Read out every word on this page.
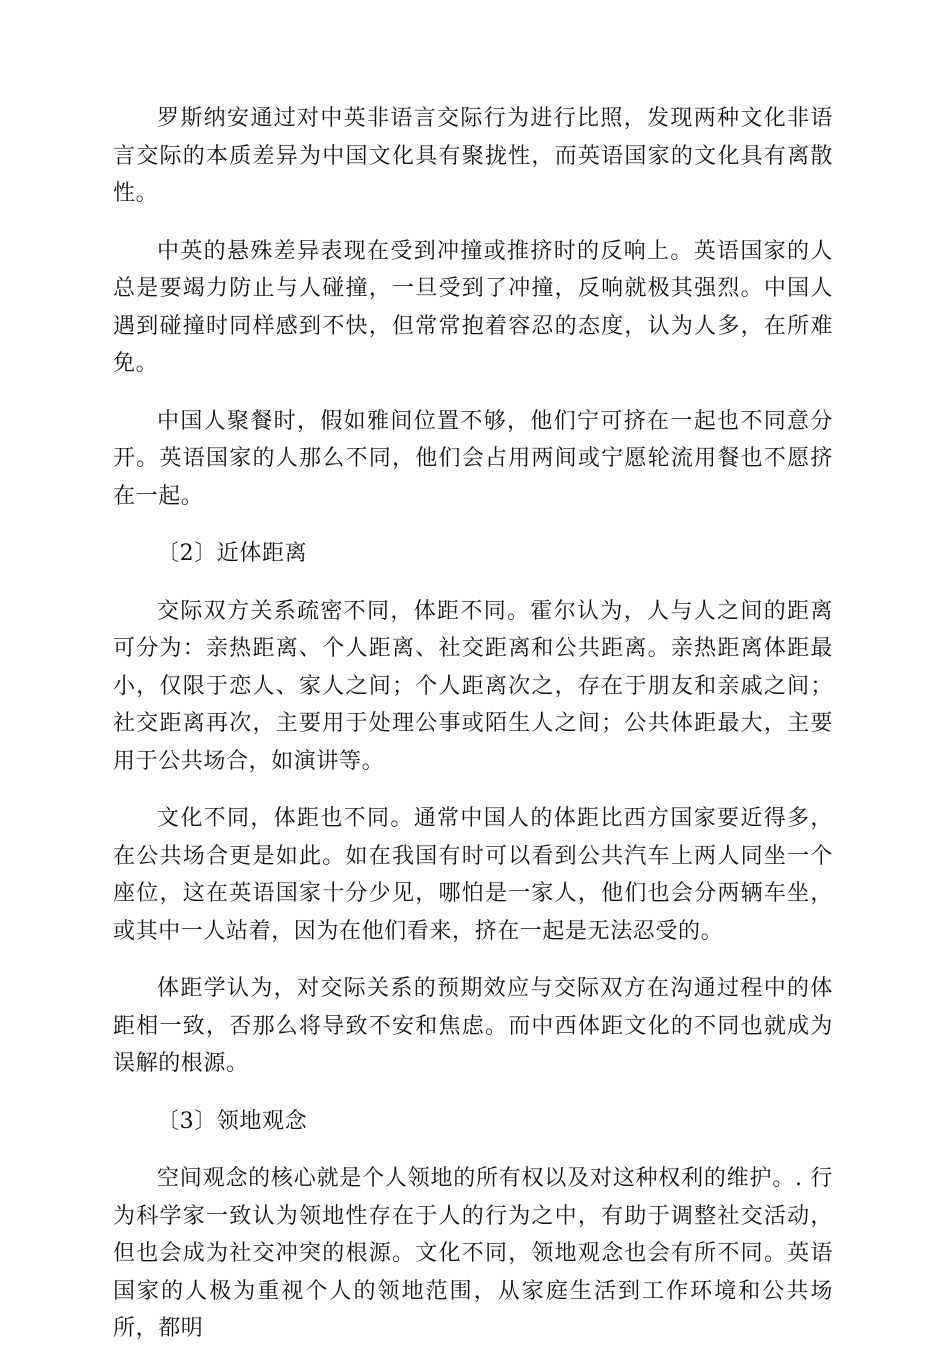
罗斯纳安通过对中英非语言交际行为进行比照，发现两种文化非语言交际的本质差异为中国文化具有聚拢性，而英语国家的文化具有离散性。

中英的悬殊差异表现在受到冲撞或推挤时的反响上。英语国家的人总是要竭力防止与人碰撞，一旦受到了冲撞，反响就极其强烈。中国人遇到碰撞时同样感到不快，但常常抱着容忍的态度，认为人多，在所难免。

中国人聚餐时，假如雅间位置不够，他们宁可挤在一起也不同意分开。英语国家的人那么不同，他们会占用两间或宁愿轮流用餐也不愿挤在一起。

〔2〕近体距离

交际双方关系疏密不同，体距不同。霍尔认为，人与人之间的距离可分为：亲热距离、个人距离、社交距离和公共距离。亲热距离体距最小，仅限于恋人、家人之间；个人距离次之，存在于朋友和亲戚之间；社交距离再次，主要用于处理公事或陌生人之间；公共体距最大，主要用于公共场合，如演讲等。

文化不同，体距也不同。通常中国人的体距比西方国家要近得多，在公共场合更是如此。如在我国有时可以看到公共汽车上两人同坐一个座位，这在英语国家十分少见，哪怕是一家人，他们也会分两辆车坐，或其中一人站着，因为在他们看来，挤在一起是无法忍受的。

体距学认为，对交际关系的预期效应与交际双方在沟通过程中的体距相一致，否那么将导致不安和焦虑。而中西体距文化的不同也就成为误解的根源。

〔3〕领地观念

空间观念的核心就是个人领地的所有权以及对这种权利的维护。. 行为科学家一致认为领地性存在于人的行为之中，有助于调整社交活动，但也会成为社交冲突的根源。文化不同，领地观念也会有所不同。英语国家的人极为重视个人的领地范围，从家庭生活到工作环境和公共场所，都明
